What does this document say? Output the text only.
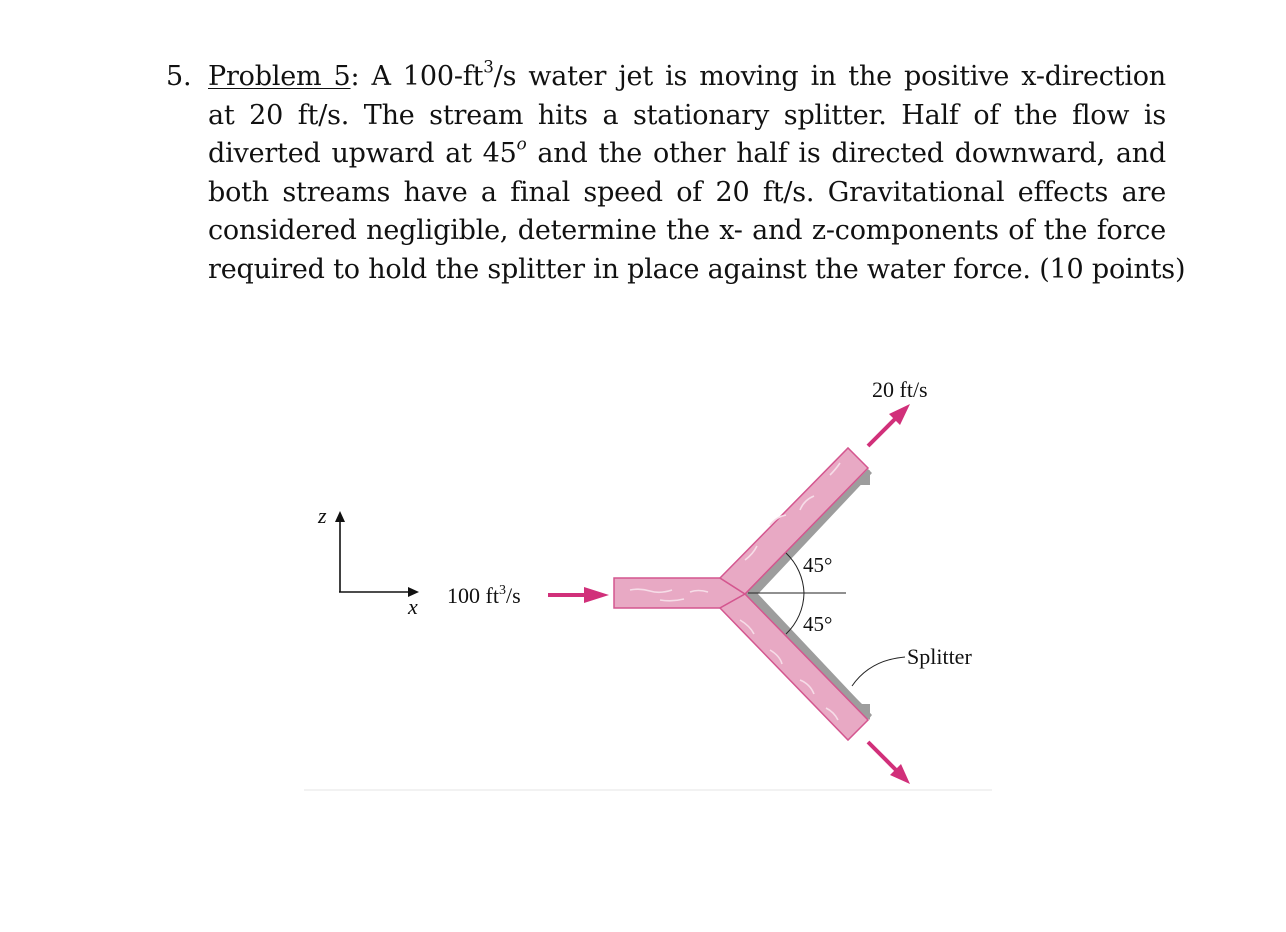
5. Problem 5: A $100-ft^3/s$ water jet is moving in the positive x-direction
at 20 ft/s. The stream hits a stationary splitter. Half of the flow is
diverted upward at 45$^o$ and the other half is directed downward, and
both streams have a final speed of 20 ft/s. Gravitational effects are
considered negligible, determine the x- and z-components of the force
required to hold the splitter in place against the water force. (10 points)
z
x 100 $ft^3/s$
45°
45°
20 ft/s
Splitter
